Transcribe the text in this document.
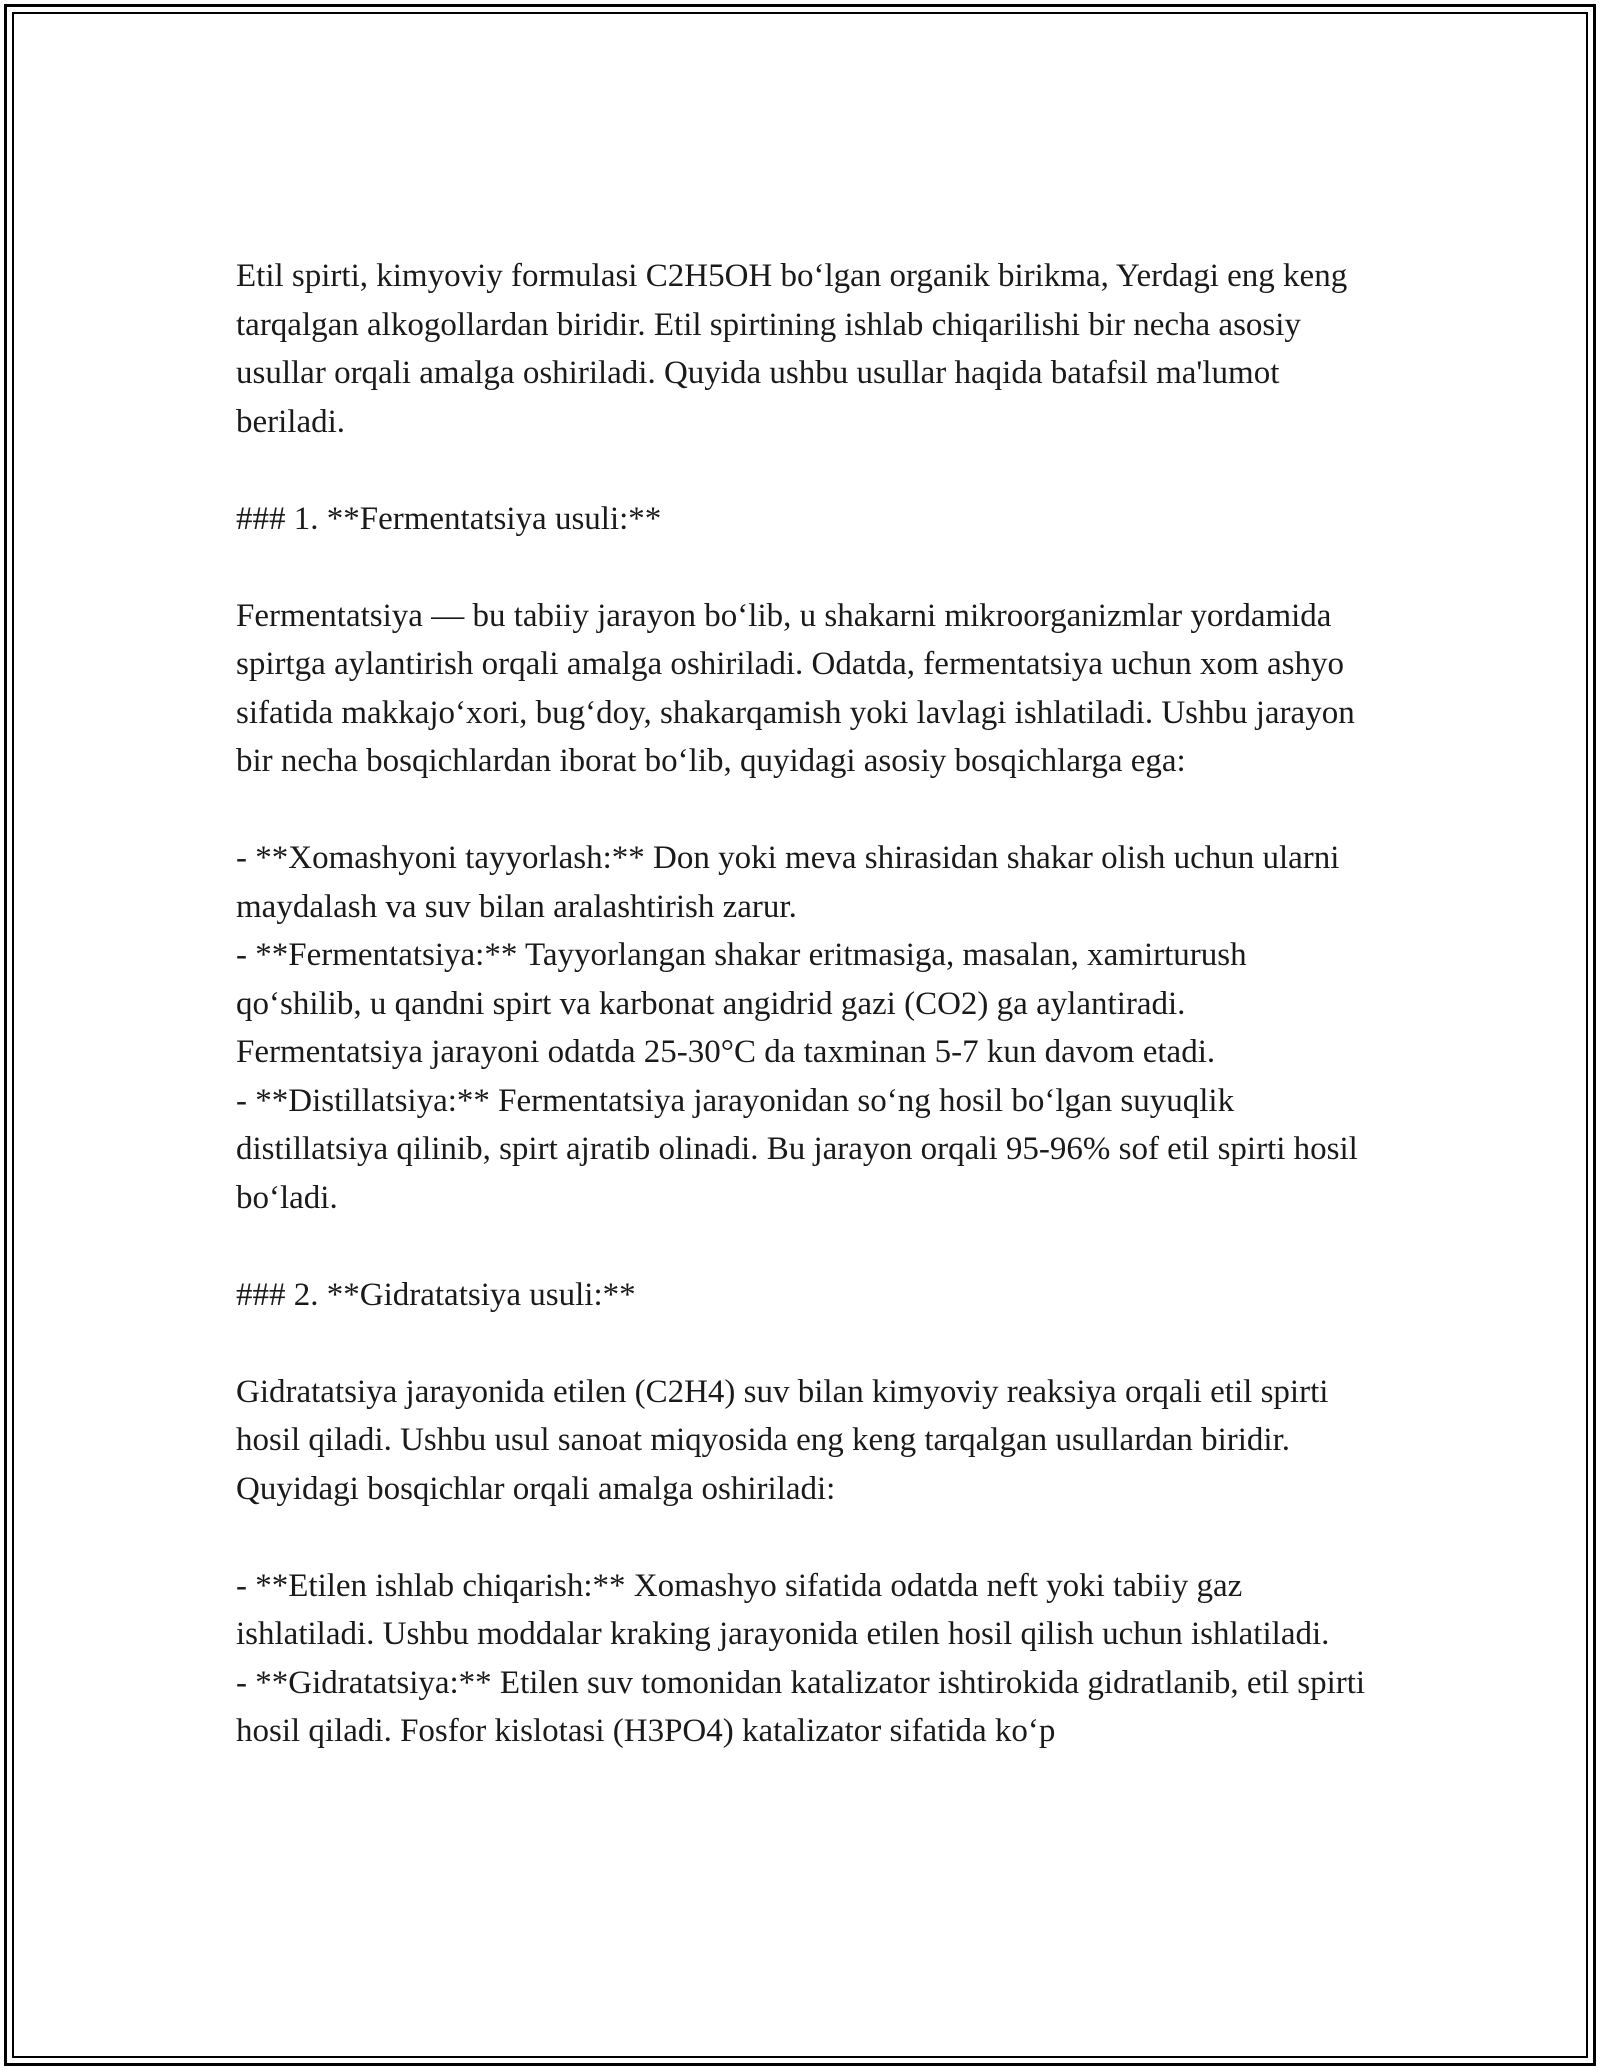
Etil spirti, kimyoviy formulasi C2H5OH bo‘lgan organik birikma, Yerdagi eng keng tarqalgan alkogollardan biridir. Etil spirtining ishlab chiqarilishi bir necha asosiy usullar orqali amalga oshiriladi. Quyida ushbu usullar haqida batafsil ma'lumot beriladi.

### 1. **Fermentatsiya usuli:**

Fermentatsiya — bu tabiiy jarayon bo‘lib, u shakarni mikroorganizmlar yordamida spirtga aylantirish orqali amalga oshiriladi. Odatda, fermentatsiya uchun xom ashyo sifatida makkajo‘xori, bug‘doy, shakarqamish yoki lavlagi ishlatiladi. Ushbu jarayon bir necha bosqichlardan iborat bo‘lib, quyidagi asosiy bosqichlarga ega:

- **Xomashyoni tayyorlash:** Don yoki meva shirasidan shakar olish uchun ularni maydalash va suv bilan aralashtirish zarur.

- **Fermentatsiya:** Tayyorlangan shakar eritmasiga, masalan, xamirturush qo‘shilib, u qandni spirt va karbonat angidrid gazi (CO2) ga aylantiradi. Fermentatsiya jarayoni odatda 25-30°C da taxminan 5-7 kun davom etadi.

- **Distillatsiya:** Fermentatsiya jarayonidan so‘ng hosil bo‘lgan suyuqlik distillatsiya qilinib, spirt ajratib olinadi. Bu jarayon orqali 95-96% sof etil spirti hosil bo‘ladi.

### 2. **Gidratatsiya usuli:**

Gidratatsiya jarayonida etilen (C2H4) suv bilan kimyoviy reaksiya orqali etil spirti hosil qiladi. Ushbu usul sanoat miqyosida eng keng tarqalgan usullardan biridir. Quyidagi bosqichlar orqali amalga oshiriladi:

- **Etilen ishlab chiqarish:** Xomashyo sifatida odatda neft yoki tabiiy gaz ishlatiladi. Ushbu moddalar kraking jarayonida etilen hosil qilish uchun ishlatiladi.

- **Gidratatsiya:** Etilen suv tomonidan katalizator ishtirokida gidratlanib, etil spirti hosil qiladi. Fosfor kislotasi (H3PO4) katalizator sifatida ko‘p
